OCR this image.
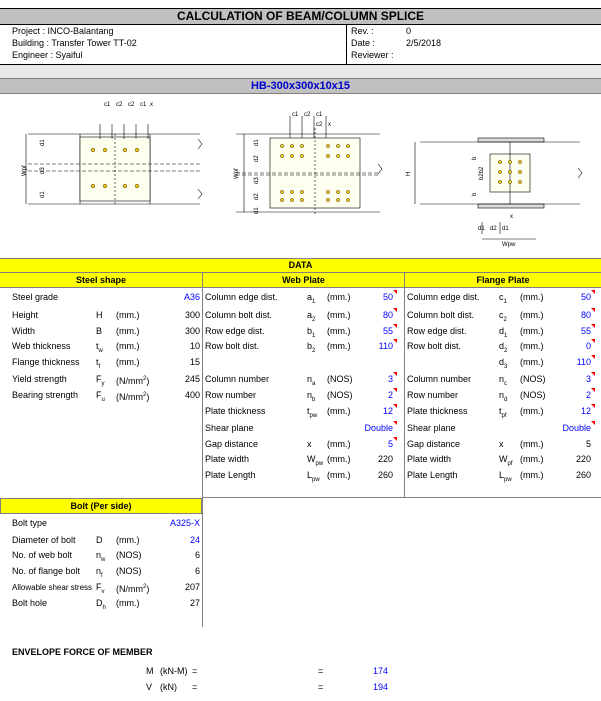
CALCULATION OF BEAM/COLUMN SPLICE
Project : INCO-Balantang
Building : Transfer Tower TT-02
Engineer : Syaiful
Rev. :	0
Date :	2/5/2018
Reviewer :
HB-300x300x10x15
c1 c2 c2 c1 x
Wpf
d1
d3
d1
c1 c2 c1
c2 x
Wpf
d1
d2
d3
d2
d1
H
b
b2b2
b
d1 d2 d1
x
Wpw
DATA
Steel shape	Web Plate	Flange Plate
Steel grade	A36
Height	H (mm.)	300
Width	B (mm.)	300
Web thickness	$t_w$ (mm.)	10
Flange thickness $t_f$ (mm.)	15
Yield strength	$F_y$ $(N/mm^2)$	245
Bearing strength $F_u$ $(N/mm^2)$	400
Column edge dist.	$a_1$ (mm.)	50
Column bolt dist.	$a_2$ (mm.)	80
Row edge dist.	$b_1$ (mm.)	55
Row bolt dist.	$b_2$ (mm.)	110
Column number	$n_a$ (NOS)	3
Row number	$n_b$ (NOS)	2
Plate thickness	$t_{pw}$ (mm.)	12
Shear plane	Double
Gap distance	x (mm.)	5
Plate width	$W_{pw}$ (mm.)	220
Plate Length	$L_{pw}$ (mm.)	260
Column edge dist. $c_1$ (mm.)	50
Column bolt dist.	$c_2$ (mm.)	80
Row edge dist.	$d_1$ (mm.)	55
Row bolt dist.	$d_2$ (mm.)	0
$d_3$ (mm.)	110
Column number	$n_c$ (NOS)	3
Row number	$n_d$ (NOS)	2
Plate thickness	$t_{pf}$ (mm.)	12
Shear plane	Double
Gap distance	x (mm.)	5
Plate width	$W_{pf}$ (mm.)	220
Plate Length	$L_{pw}$ (mm.)	260
Bolt (Per side)
Bolt type	A325-X
Diameter of bolt D (mm.)	24
No. of web bolt	$n_w$ (NOS)	6
No. of flange bolt $n_f$ (NOS)	6
Allowable shear stress $F_v$ $(N/mm^2)$	207
Bolt hole	$D_h$ (mm.)	27
ENVELOPE FORCE OF MEMBER
M (kN-M) =	=	174
V (kN) =	=	194
